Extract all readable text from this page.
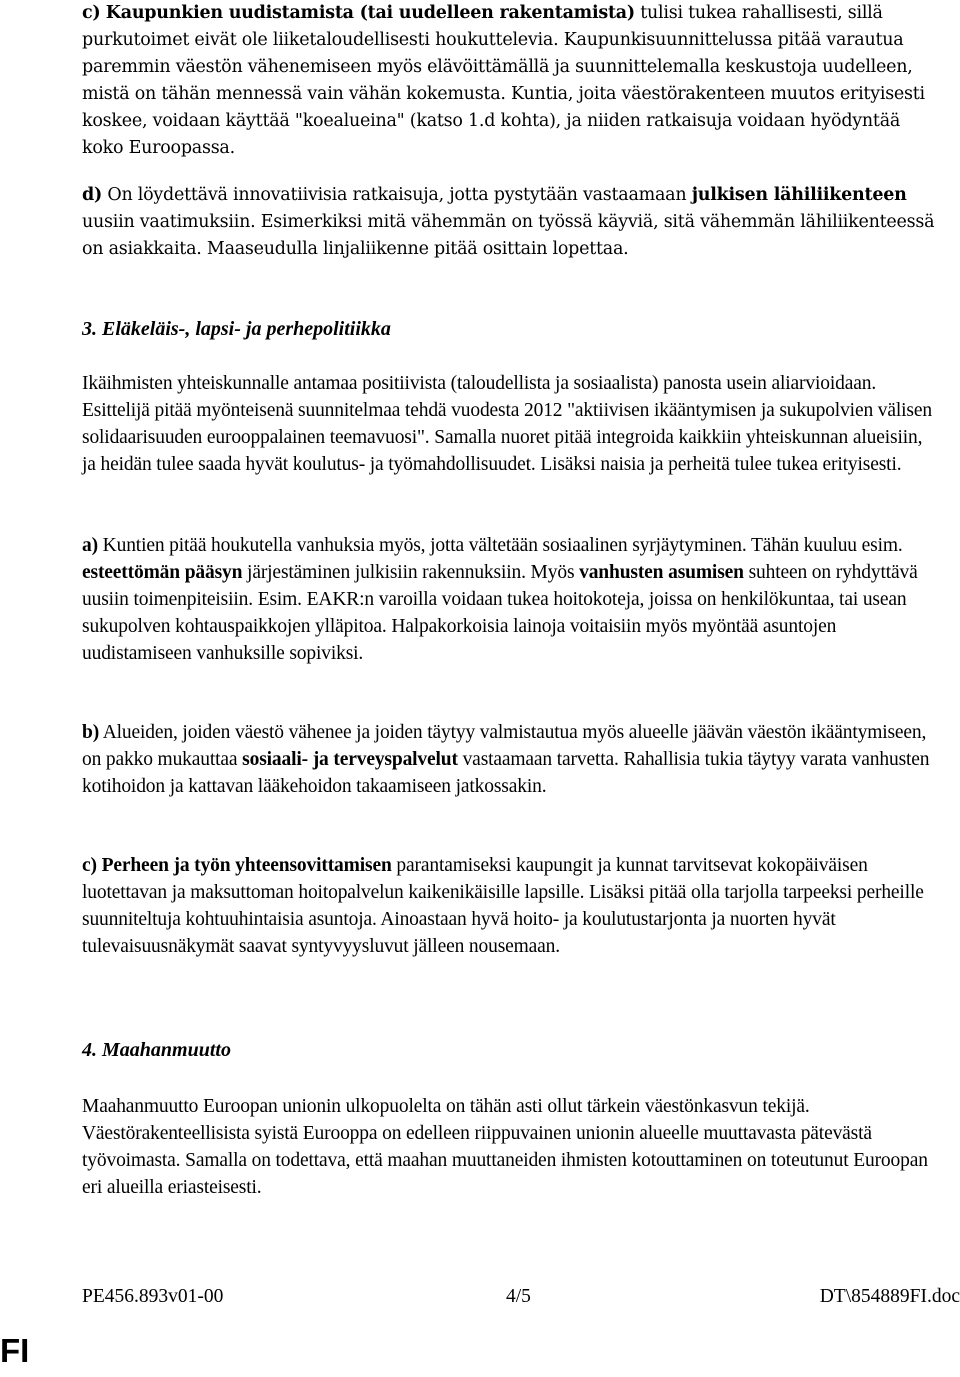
c) Kaupunkien uudistamista (tai uudelleen rakentamista) tulisi tukea rahallisesti, sillä purkutoimet eivät ole liiketaloudellisesti houkuttelevia. Kaupunkisuunnittelussa pitää varautua paremmin väestön vähenemiseen myös elävöittämällä ja suunnittelemalla keskustoja uudelleen, mistä on tähän mennessä vain vähän kokemusta. Kuntia, joita väestörakenteen muutos erityisesti koskee, voidaan käyttää "koealueina" (katso 1.d kohta), ja niiden ratkaisuja voidaan hyödyntää koko Euroopassa.

d) On löydettävä innovatiivisia ratkaisuja, jotta pystytään vastaamaan julkisen lähiliikenteen uusiin vaatimuksiin. Esimerkiksi mitä vähemmän on työssä käyviä, sitä vähemmän lähiliikenteessä on asiakkaita. Maaseudulla linjaliikenne pitää osittain lopettaa.

3. Eläkeläis-, lapsi- ja perhepolitiikka

Ikäihmisten yhteiskunnalle antamaa positiivista (taloudellista ja sosiaalista) panosta usein aliarvioidaan. Esittelijä pitää myönteisenä suunnitelmaa tehdä vuodesta 2012 "aktiivisen ikääntymisen ja sukupolvien välisen solidaarisuuden eurooppalainen teemavuosi". Samalla nuoret pitää integroida kaikkiin yhteiskunnan alueisiin, ja heidän tulee saada hyvät koulutus- ja työmahdollisuudet. Lisäksi naisia ja perheitä tulee tukea erityisesti.

a) Kuntien pitää houkutella vanhuksia myös, jotta vältetään sosiaalinen syrjäytyminen. Tähän kuuluu esim. esteettömän pääsyn järjestäminen julkisiin rakennuksiin. Myös vanhusten asumisen suhteen on ryhdyttävä uusiin toimenpiteisiin. Esim. EAKR:n varoilla voidaan tukea hoitokoteja, joissa on henkilökuntaa, tai usean sukupolven kohtauspaikkojen ylläpitoa. Halpakorkoisia lainoja voitaisiin myös myöntää asuntojen uudistamiseen vanhuksille sopiviksi.

b) Alueiden, joiden väestö vähenee ja joiden täytyy valmistautua myös alueelle jäävän väestön ikääntymiseen, on pakko mukauttaa sosiaali- ja terveyspalvelut vastaamaan tarvetta. Rahallisia tukia täytyy varata vanhusten kotihoidon ja kattavan lääkehoidon takaamiseen jatkossakin.

c) Perheen ja työn yhteensovittamisen parantamiseksi kaupungit ja kunnat tarvitsevat kokopäiväisen luotettavan ja maksuttoman hoitopalvelun kaikenikäisille lapsille. Lisäksi pitää olla tarjolla tarpeeksi perheille suunniteltuja kohtuuhintaisia asuntoja. Ainoastaan hyvä hoito- ja koulutustarjonta ja nuorten hyvät tulevaisuusnäkymät saavat syntyvyysluvut jälleen nousemaan.

4. Maahanmuutto

Maahanmuutto Euroopan unionin ulkopuolelta on tähän asti ollut tärkein väestönkasvun tekijä. Väestörakenteellisista syistä Eurooppa on edelleen riippuvainen unionin alueelle muuttavasta pätevästä työvoimasta. Samalla on todettava, että maahan muuttaneiden ihmisten kotouttaminen on toteutunut Euroopan eri alueilla eriasteisesti.

PE456.893v01-00	4/5	DT\854889FI.doc
FI
